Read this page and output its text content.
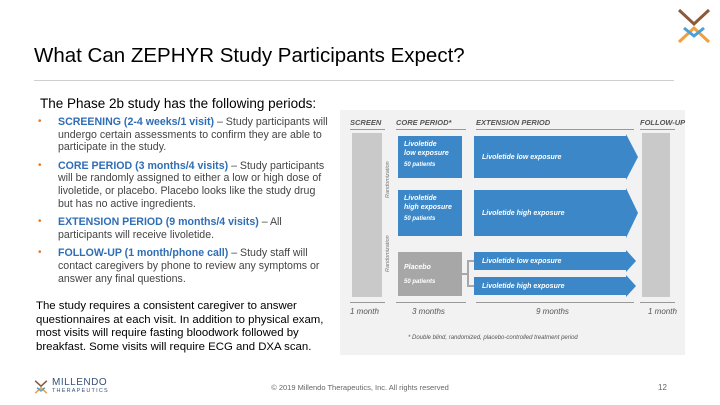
What Can ZEPHYR Study Participants Expect?
The Phase 2b study has the following periods:
• SCREENING (2-4 weeks/1 visit) – Study participants will undergo certain assessments to confirm they are able to participate in the study.
• CORE PERIOD (3 months/4 visits) – Study participants will be randomly assigned to either a low or high dose of livoletide, or placebo. Placebo looks like the study drug but has no active ingredients.
• EXTENSION PERIOD (9 months/4 visits) – All participants will receive livoletide.
• FOLLOW-UP (1 month/phone call) – Study staff will contact caregivers by phone to review any symptoms or answer any final questions.
The study requires a consistent caregiver to answer questionnaires at each visit. In addition to physical exam, most visits will require fasting bloodwork followed by breakfast. Some visits will require ECG and DXA scan.
SCREEN CORE PERIOD*	EXTENSION PERIOD	FOLLOW-UP
Randomization
Randomization
Livoletide
low exposure
50 patients
Livoletide
high exposure
50 patients
Placebo
50 patients
Livoletide low exposure
Livoletide high exposure
Livoletide low exposure
Livoletide high exposure
1 month	3 months	9 months	1 month
* Double blind, randomized, placebo-controlled treatment period
MILLENDO
THERAPEUTICS	© 2019 Millendo Therapeutics, Inc. All rights reserved	12
